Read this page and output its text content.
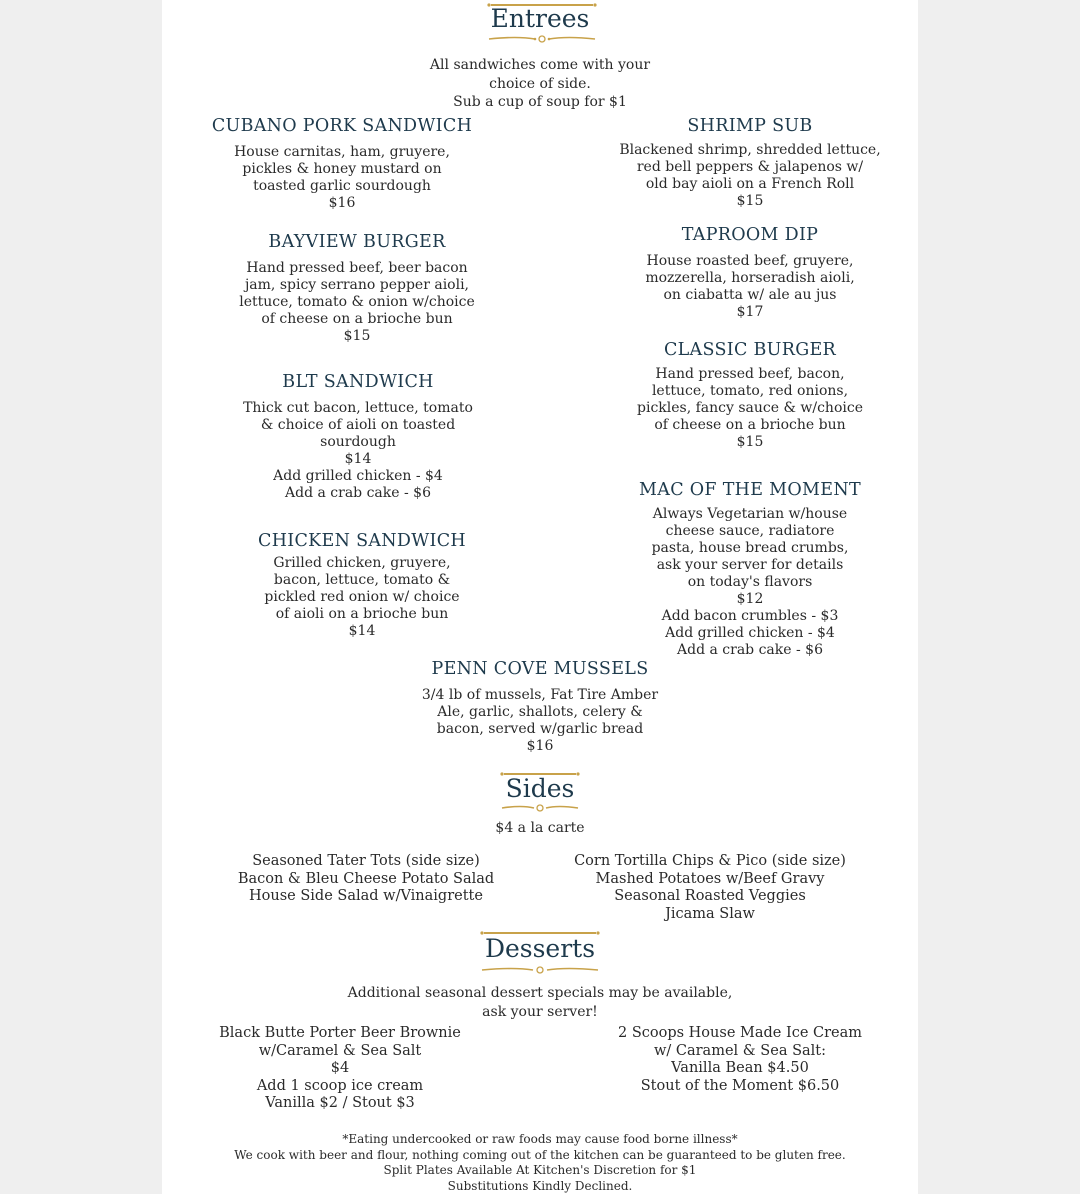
Entrees
All sandwiches come with your
choice of side.
Sub a cup of soup for $1
CUBANO PORK SANDWICH
House carnitas, ham, gruyere,
pickles & honey mustard on
toasted garlic sourdough
$16
SHRIMP SUB
Blackened shrimp, shredded lettuce,
red bell peppers & jalapenos w/
old bay aioli on a French Roll
$15
BAYVIEW BURGER
Hand pressed beef, beer bacon
jam, spicy serrano pepper aioli,
lettuce, tomato & onion w/choice
of cheese on a brioche bun
$15
TAPROOM DIP
House roasted beef, gruyere,
mozzerella, horseradish aioli,
on ciabatta w/ ale au jus
$17
CLASSIC BURGER
Hand pressed beef, bacon,
lettuce, tomato, red onions,
pickles, fancy sauce & w/choice
of cheese on a brioche bun
$15
BLT SANDWICH
Thick cut bacon, lettuce, tomato
& choice of aioli on toasted
sourdough
$14
Add grilled chicken - $4
Add a crab cake - $6	MAC OF THE MOMENT
Always Vegetarian w/house
cheese sauce, radiatore
pasta, house bread crumbs,
ask your server for details
on today's flavors
$12
Add bacon crumbles - $3
Add grilled chicken - $4
Add a crab cake - $6
CHICKEN SANDWICH
Grilled chicken, gruyere,
bacon, lettuce, tomato &
pickled red onion w/ choice
of aioli on a brioche bun
$14
PENN COVE MUSSELS
3/4 lb of mussels, Fat Tire Amber
Ale, garlic, shallots, celery &
bacon, served w/garlic bread
$16
Sides
$4 a la carte
Seasoned Tater Tots (side size)
Bacon & Bleu Cheese Potato Salad
House Side Salad w/Vinaigrette
Corn Tortilla Chips & Pico (side size)
Mashed Potatoes w/Beef Gravy
Seasonal Roasted Veggies
Jicama Slaw
Desserts
Additional seasonal dessert specials may be available,
ask your server!
Black Butte Porter Beer Brownie
w/Caramel & Sea Salt
$4
Add 1 scoop ice cream
Vanilla $2 / Stout $3
2 Scoops House Made Ice Cream
w/ Caramel & Sea Salt:
Vanilla Bean $4.50
Stout of the Moment $6.50
*Eating undercooked or raw foods may cause food borne illness*
We cook with beer and flour, nothing coming out of the kitchen can be guaranteed to be gluten free.
Split Plates Available At Kitchen's Discretion for $1
Substitutions Kindly Declined.
